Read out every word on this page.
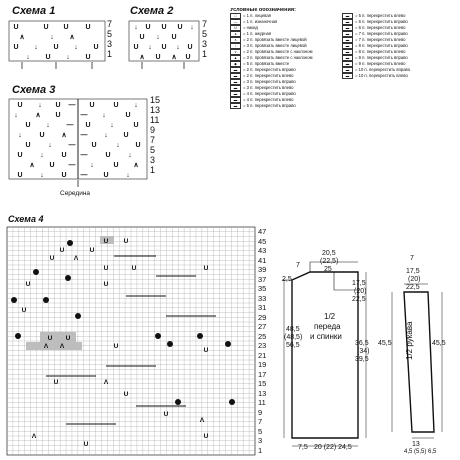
Схема 1
U	U U U
∧	↓ ∧
U ↓ U ↓ U
↓ U ↓ U
7
5
3
1
Схема 2
↓ U U U ↓
U ↓ U
U ↓ U ↓ U
∧ U ∧ U
7
5
3
1
Схема 3
U ↓ U — U	U ↓
↓	∧ U	— ↓	U
U ↓ — U	↓	U
↓	U ∧ — ↓ U
U	↓ — U	↓ U
U	↓	U —	U	↓
∧ U — ↓	U ∧
U	↓	U — U	↓
15
13
11
9
7
5
3
1
Середина
Условные обозначения:
□	= 1 п. лицевая
—	= 1 п. изнаночная
U	= накид
●	= 1 п. ажурная
∧	= 2 п. провязать вместе лицевой
↑	= 3 п. провязать вместе лицевой
∨	= 2 п. провязать вместе с наклоном
▲	= 3 п. провязать вместе с наклоном
◆	= 5 п. провязать вместе
▬	= 2 п. перекрестить вправо
▬	= 2 п. перекрестить влево
▬	= 3 п. перекрестить вправо
▬	= 3 п. перекрестить влево
▬	= 4 п. перекрестить вправо
▬	= 4 п. перекрестить влево
▬	= 5 п. перекрестить вправо
▬	= 5 п. перекрестить влево
▬	= 6 п. перекрестить вправо
▬	= 6 п. перекрестить влево
▬	= 7 п. перекрестить вправо
▬	= 7 п. перекрестить влево
▬	= 8 п. перекрестить вправо
▬	= 8 п. перекрестить влево
▬	= 9 п. перекрестить вправо
▬	= 9 п. перекрестить влево
▬	= 10 п. перекрестить вправо
▬	= 10 п. перекрестить влево
Схема 4
U U
U	U
U	Λ
U	U	U
U	U
U
U U
Λ Λ	U
U
U	Λ
U
U
Λ
U
Λ
U
47
45
43
41
39
37
35
33
31
29
27
25
23
21
19
17
15
13
11
9
7
5
3
1
20,5
(22,5)
25
7
2,5
17,5
(20)
22,5
1/2
переда
и спинки
48,5
(48,5)
56,5	36,5
(34)
39,5
7,5 20 (22) 24,5
17,5
(20)
22,5
7
45,5	45,5
1/2 рукава
13
4,5 (5,5) 6,5
